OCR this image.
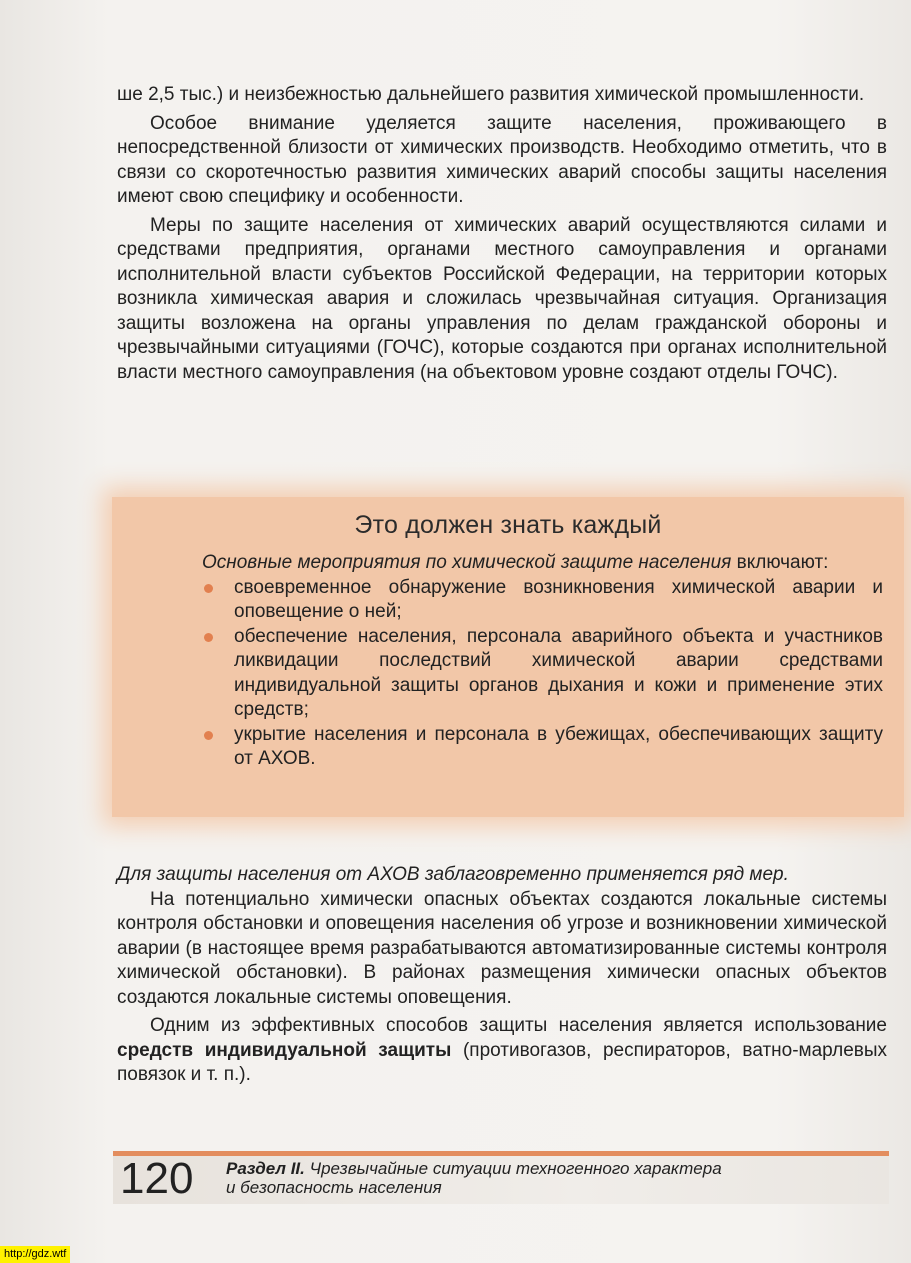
ше 2,5 тыс.) и неизбежностью дальнейшего развития химической промышленности.

Особое внимание уделяется защите населения, проживающего в непосредственной близости от химических производств. Необходимо отметить, что в связи со скоротечностью развития химических аварий способы защиты населения имеют свою специфику и особенности.

Меры по защите населения от химических аварий осуществляются силами и средствами предприятия, органами местного самоуправления и органами исполнительной власти субъектов Российской Федерации, на территории которых возникла химическая авария и сложилась чрезвычайная ситуация. Организация защиты возложена на органы управления по делам гражданской обороны и чрезвычайными ситуациями (ГОЧС), которые создаются при органах исполнительной власти местного самоуправления (на объектовом уровне создают отделы ГОЧС).

Это должен знать каждый

Основные мероприятия по химической защите населения включают:

своевременное обнаружение возникновения химической аварии и оповещение о ней;
обеспечение населения, персонала аварийного объекта и участников ликвидации последствий химической аварии средствами индивидуальной защиты органов дыхания и кожи и применение этих средств;
укрытие населения и персонала в убежищах, обеспечивающих защиту от АХОВ.

Для защиты населения от АХОВ заблаговременно применяется ряд мер.

На потенциально химически опасных объектах создаются локальные системы контроля обстановки и оповещения населения об угрозе и возникновении химической аварии (в настоящее время разрабатываются автоматизированные системы контроля химической обстановки). В районах размещения химически опасных объектов создаются локальные системы оповещения.

Одним из эффективных способов защиты населения является использование средств индивидуальной защиты (противогазов, респираторов, ватно-марлевых повязок и т. п.).

120 Раздел II. Чрезвычайные ситуации техногенного характера
и безопасность населения
http://gdz.wtf
